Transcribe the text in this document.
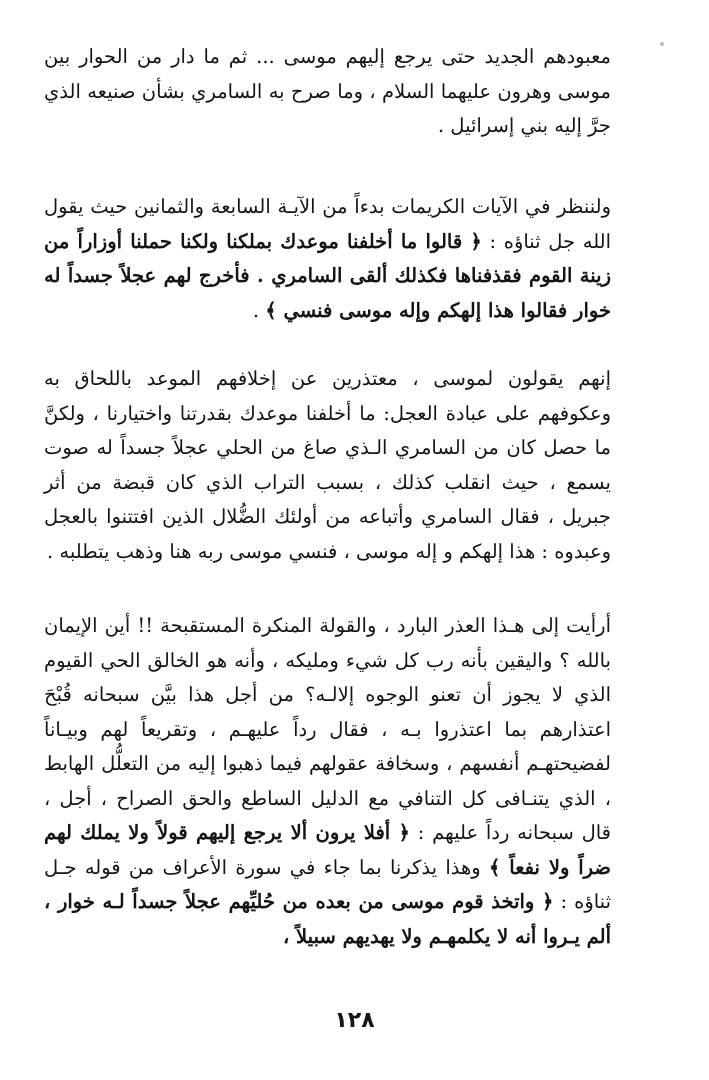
معبودهم الجديد حتى يرجع إليهم موسى ... ثم ما دار من الحوار بين موسى وهرون عليهما السلام ، وما صرح به السامري بشأن صنيعه الذي جرَّ إليه بني إسرائيل .

ولننظر في الآيات الكريمات بدءاً من الآيـة السابعة والثمانين حيث يقول الله جل ثناؤه : ﴿ قالوا ما أخلفنا موعدك بملكنا ولكنا حملنا أوزاراً من زينة القوم فقذفناها فكذلك ألقى السامري . فأخرج لهم عجلاً جسداً له خوار فقالوا هذا إلهكم وإله موسى فنسي ﴾ .

إنهم يقولون لموسى ، معتذرين عن إخلافهم الموعد باللحاق به وعكوفهم على عبادة العجل: ما أخلفنا موعدك بقدرتنا واختيارنا ، ولكنَّ ما حصل كان من السامري الـذي صاغ من الحلي عجلاً جسداً له صوت يسمع ، حيث انقلب كذلك ، بسبب التراب الذي كان قبضة من أثر جبريل ، فقال السامري وأتباعه من أولئك الضُّلال الذين افتتنوا بالعجل وعبدوه : هذا إلهكم و إله موسى ، فنسي موسى ربه هنا وذهب يتطلبه .

أرأيت إلى هـذا العذر البارد ، والقولة المنكرة المستقبحة !! أين الإيمان بالله ؟ واليقين بأنه رب كل شيء ومليكه ، وأنه هو الخالق الحي القيوم الذي لا يجوز أن تعنو الوجوه إلالـه؟ من أجل هذا بيَّن سبحانه قُبْحَ اعتذارهم بما اعتذروا بـه ، فقال رداً عليهـم ، وتقريعاً لهم وبيـاناً لفضيحتهـم أنفسهم ، وسخافة عقولهم فيما ذهبوا إليه من التعلُّل الهابط ، الذي يتنـافى كل التنافي مع الدليل الساطع والحق الصراح ، أجل ، قال سبحانه رداً عليهم : ﴿ أفلا يرون ألا يرجع إليهم قولاً ولا يملك لهم ضراً ولا نفعاً ﴾ وهذا يذكرنا بما جاء في سورة الأعراف من قوله جـل ثناؤه : ﴿ واتخذ قوم موسى من بعده من حُليِّهم عجلاً جسداً لـه خوار ، ألم يـروا أنه لا يكلمهـم ولا يهديهم سبيلاً ،

١٢٨
